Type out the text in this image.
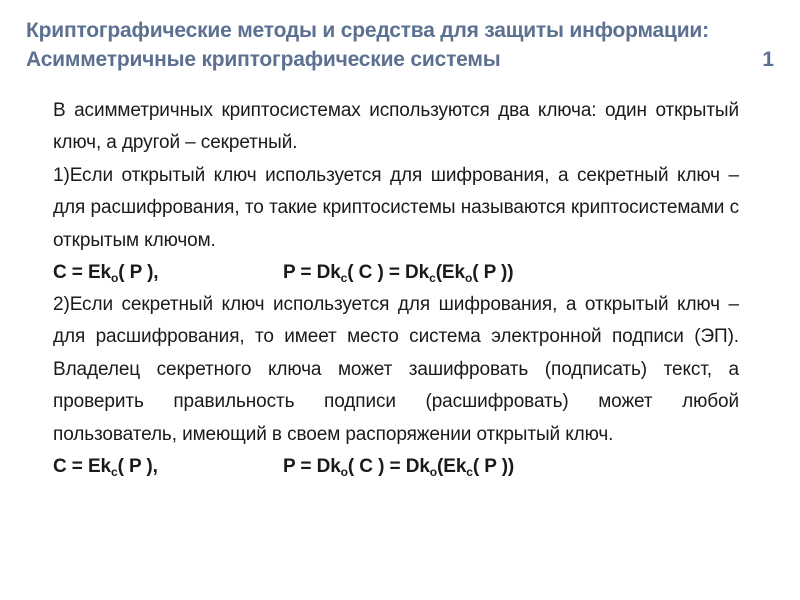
Криптографические методы и средства для защиты информации:
Асимметричные криптографические системы	1

В асимметричных криптосистемах используются два ключа: один открытый ключ, а другой – секретный.

1)Если открытый ключ используется для шифрования, а секретный ключ – для расшифрования, то такие криптосистемы называются криптосистемами с открытым ключом.

$C = Ek_o$( P ),	$P = Dk_c$( C ) = $Dk_c(Ek_o$( P ))

2)Если секретный ключ используется для шифрования, а открытый ключ – для расшифрования, то имеет место система электронной подписи (ЭП). Владелец секретного ключа может зашифровать (подписать) текст, а проверить правильность подписи (расшифровать) может любой пользователь, имеющий в своем распоряжении открытый ключ.

$C = Ek_c$( P ),	$P = Dk_o$( C ) = $Dk_o(Ek_c$( P ))
